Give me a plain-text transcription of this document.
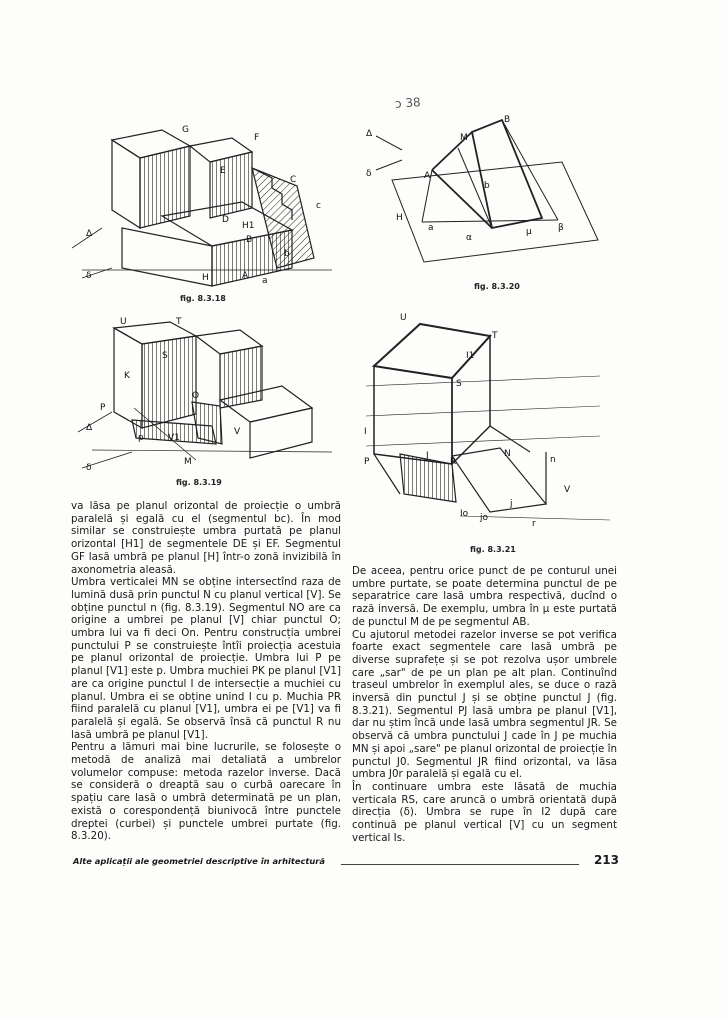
ɔ 38
G
F
E
D
H1
C
c
b
B
A a
H
Δ
δ
fig. 8.3.18
U	T
S
K
P
p
O
V1
V
M
Δ
δ
fig. 8.3.19
M
B
A
b
H
a
α
μ	β
Δ
δ
fig. 8.3.20
U
T
I1
S
I
P
J
R
N
Io jo
j
r
V
n
fig. 8.3.21

va lăsa pe planul orizontal de proiecție o umbră paralelă și egală cu el (segmentul bc). În mod similar se construiește umbra purtată pe planul orizontal [H1] de segmentele DE și EF. Segmentul GF lasă umbră pe planul [H] într-o zonă invizibilă în axonometria aleasă.

Umbra verticalei MN se obține intersectînd raza de lumină dusă prin punctul N cu planul vertical [V]. Se obține punctul n (fig. 8.3.19). Segmentul NO are ca origine a umbrei pe planul [V] chiar punctul O; umbra lui va fi deci On. Pentru construcția umbrei punctului P se construiește întîi proiecția acestuia pe planul orizontal de proiecție. Umbra lui P pe planul [V1] este p. Umbra muchiei PK pe planul [V1] are ca origine punctul I de intersecție a muchiei cu planul. Umbra ei se obține unind I cu p. Muchia PR fiind paralelă cu planul [V1], umbra ei pe [V1] va fi paralelă și egală. Se observă însă că punctul R nu lasă umbră pe planul [V1].

Pentru a lămuri mai bine lucrurile, se folosește o metodă de analiză mai detaliată a umbrelor volumelor compuse: metoda razelor inverse. Dacă se consideră o dreaptă sau o curbă oarecare în spațiu care lasă o umbră determinată pe un plan, există o corespondență biunivocă între punctele dreptei (curbei) și punctele umbrei purtate (fig. 8.3.20).

De aceea, pentru orice punct de pe conturul unei umbre purtate, se poate determina punctul de pe separatrice care lasă umbra respectivă, ducînd o rază inversă. De exemplu, umbra în μ este purtată de punctul M de pe segmentul AB.

Cu ajutorul metodei razelor inverse se pot verifica foarte exact segmentele care lasă umbră pe diverse suprafețe și se pot rezolva ușor umbrele care „sar" de pe un plan pe alt plan. Continuînd traseul umbrelor în exemplul ales, se duce o rază inversă din punctul J și se obține punctul J (fig. 8.3.21). Segmentul PJ lasă umbra pe planul [V1], dar nu știm încă unde lasă umbra segmentul JR. Se observă că umbra punctului J cade în J pe muchia MN și apoi „sare" pe planul orizontal de proiecție în punctul J0. Segmentul JR fiind orizontal, va lăsa umbra J0r paralelă și egală cu el.

În continuare umbra este lăsată de muchia verticala RS, care aruncă o umbră orientată după direcția (δ). Umbra se rupe în I2 după care continuă pe planul vertical [V] cu un segment vertical Is.

Alte aplicații ale geometriei descriptive în arhitectură	213
